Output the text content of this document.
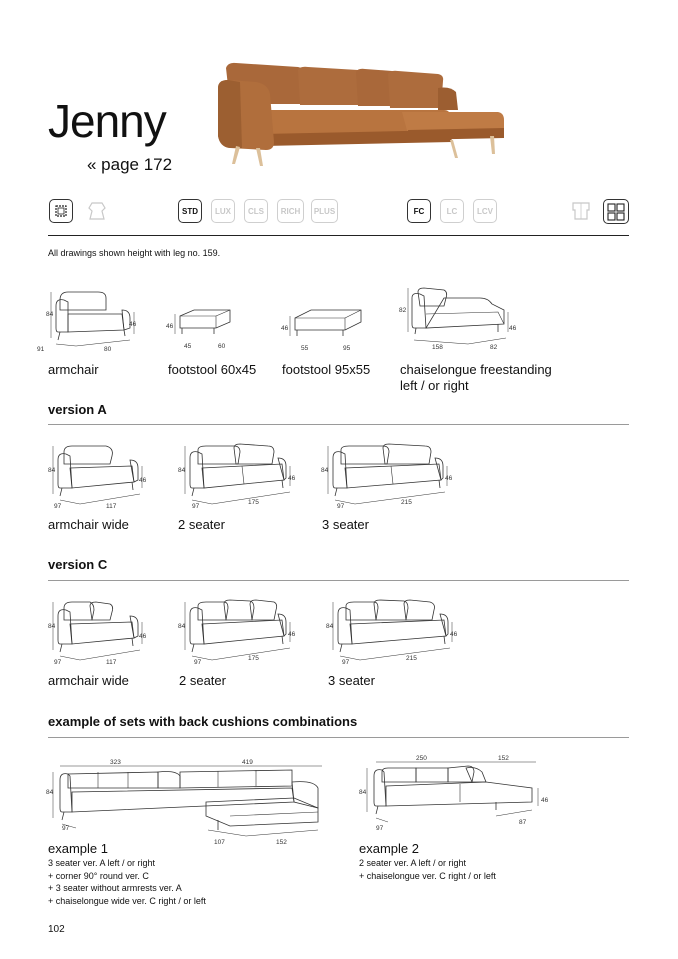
Jenny
« page 172
STD	LUX	CLS	RICH	PLUS	FC	LC	LCV
All drawings shown height with leg no. 159.
84
46
91	80
46
45	60
46
55	95
82
46
158	82
armchair	footstool 60x45 footstool 95x55 chaiselongue freestanding
left / or right
version A
84
46
97	117
84
46
97
175
84
46
97
215
armchair wide	2 seater	3 seater
version C
84
46
97	117
84
46
97
175
84
46
97
215
armchair wide	2 seater	3 seater
example of sets with back cushions combinations
323	419
84
97
107	152
250	152
84
46
97
87
example 1
3 seater ver. A left / or right
+ corner 90° round ver. C
+ 3 seater without armrests ver. A
+ chaiselongue wide ver. C right / or left
example 2
2 seater ver. A left / or right
+ chaiselongue ver. C right / or left
102
